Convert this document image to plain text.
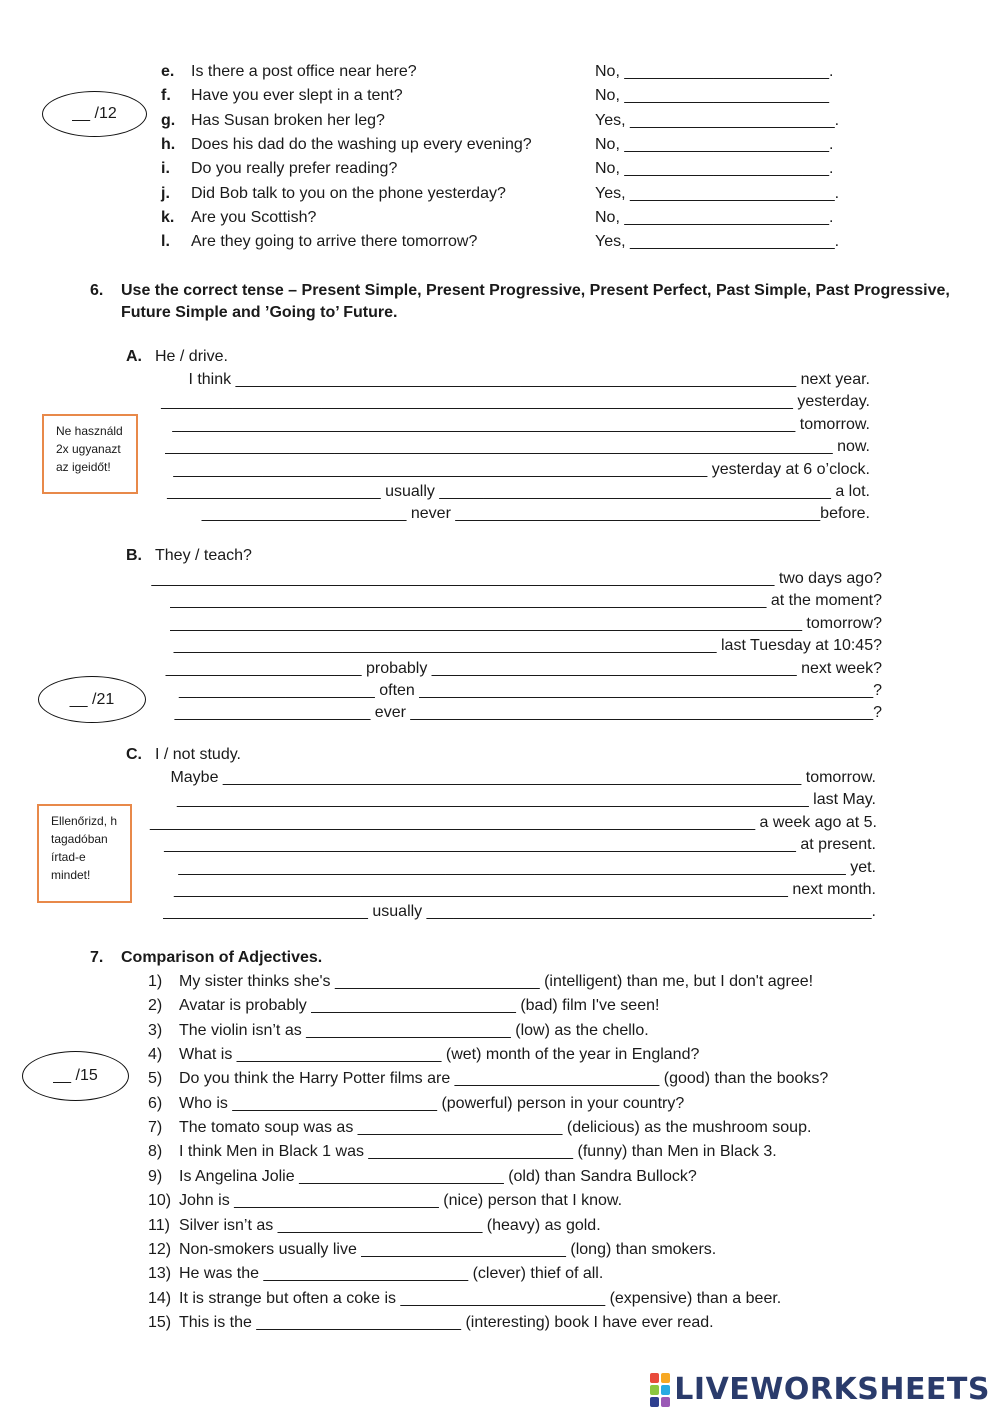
__ /12
__ /21
__ /15
Ne használd
2x ugyanazt
az igeidőt!
Ellenőrizd, h
tagadóban
írtad-e
mindet!
e. Is there a post office near here?	No, _______________________.
f. Have you ever slept in a tent?	No, _______________________
g. Has Susan broken her leg?	Yes, _______________________.
h. Does his dad do the washing up every evening?	No, _______________________.
i. Do you really prefer reading?	No, _______________________.
j. Did Bob talk to you on the phone yesterday?	Yes, _______________________.
k. Are you Scottish?	No, _______________________.
l. Are they going to arrive there tomorrow?	Yes, _______________________.
6. Use the correct tense – Present Simple, Present Progressive, Present Perfect, Past Simple, Past Progressive,
Future Simple and ’Going to’ Future.
A. He / drive.
I think _______________________________________________________________ next year.
_______________________________________________________________________ yesterday.
______________________________________________________________________ tomorrow.
___________________________________________________________________________ now.
____________________________________________________________ yesterday at 6 o’clock.
________________________ usually ____________________________________________ a lot.
_______________________ never _________________________________________before.
B. They / teach?
______________________________________________________________________ two days ago?
___________________________________________________________________ at the moment?
_______________________________________________________________________ tomorrow?
_____________________________________________________________ last Tuesday at 10:45?
______________________ probably _________________________________________ next week?
______________________ often ___________________________________________________?
______________________ ever ____________________________________________________?
C. I / not study.
Maybe _________________________________________________________________ tomorrow.
_______________________________________________________________________ last May.
____________________________________________________________________ a week ago at 5.
_______________________________________________________________________ at present.
___________________________________________________________________________ yet.
_____________________________________________________________________ next month.
_______________________ usually __________________________________________________.
7. Comparison of Adjectives.
1) My sister thinks she's _______________________ (intelligent) than me, but I don't agree!
2) Avatar is probably _______________________ (bad) film I've seen!
3) The violin isn’t as _______________________ (low) as the chello.
4) What is _______________________ (wet) month of the year in England?
5) Do you think the Harry Potter films are _______________________ (good) than the books?
6) Who is _______________________ (powerful) person in your country?
7) The tomato soup was as _______________________ (delicious) as the mushroom soup.
8) I think Men in Black 1 was _______________________ (funny) than Men in Black 3.
9) Is Angelina Jolie _______________________ (old) than Sandra Bullock?
10) John is _______________________ (nice) person that I know.
11) Silver isn’t as _______________________ (heavy) as gold.
12) Non-smokers usually live _______________________ (long) than smokers.
13) He was the _______________________ (clever) thief of all.
14) It is strange but often a coke is _______________________ (expensive) than a beer.
15) This is the _______________________ (interesting) book I have ever read.
LIVEWORKSHEETS
